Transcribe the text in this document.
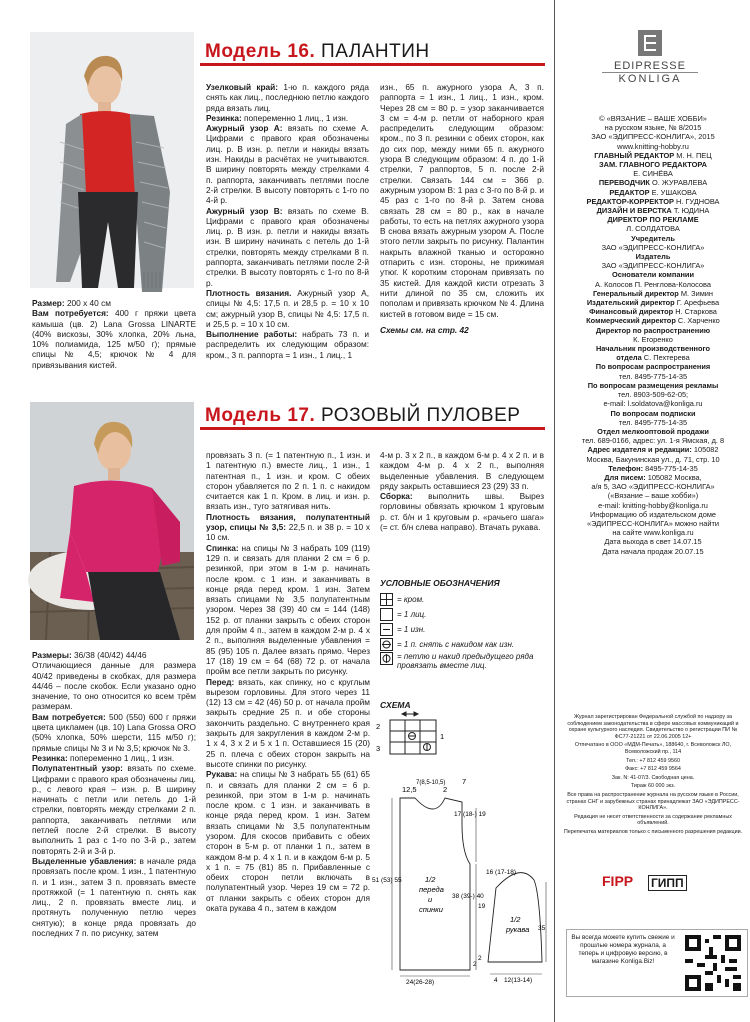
Модель 16. ПАЛАНТИН

Размер: 200 х 40 см

Вам потребуется: 400 г пряжи цвета камыша (цв. 2) Lana Grossa LINARTE (40% вискозы, 30% хлопка, 20% льна, 10% полиамида, 125 м/50 г); прямые спицы № 4,5; крючок № 4 для привязывания кистей.

Узелковый край: 1-ю п. каждого ряда снять как лиц., последнюю петлю каждого ряда вязать лиц.

Резинка: попеременно 1 лиц., 1 изн.

Ажурный узор А: вязать по схеме А. Цифрами с правого края обозначены лиц. р. В изн. р. петли и накиды вязать изн. Накиды в расчётах не учитываются. В ширину повторять между стрелками 4 п. раппорта, заканчивать петлями после 2-й стрелки. В высоту повторять с 1-го по 4-й р.

Ажурный узор В: вязать по схеме В. Цифрами с правого края обозначены лиц. р. В изн. р. петли и накиды вязать изн. В ширину начинать с петель до 1-й стрелки, повторять между стрелками 8 п. раппорта, заканчивать петлями после 2-й стрелки. В высоту повторять с 1-го по 8-й р.

Плотность вязания. Ажурный узор А, спицы № 4,5: 17,5 п. и 28,5 р. = 10 х 10 см; ажурный узор В, спицы № 4,5: 17,5 п. и 25,5 р. = 10 х 10 см.

Выполнение работы: набрать 73 п. и распределить их следующим образом: кром., 3 п. раппорта = 1 изн., 1 лиц., 1

изн., 65 п. ажурного узора А, 3 п. раппорта = 1 изн., 1 лиц., 1 изн., кром. Через 28 см = 80 р. = узор заканчивается 3 см = 4-м р. петли от наборного края распределить следующим образом: кром., по 3 п. резинки с обеих сторон, как до сих пор, между ними 65 п. ажурного узора В следующим образом: 4 п. до 1-й стрелки, 7 раппортов, 5 п. после 2-й стрелки. Связать 144 см = 366 р. ажурным узором В: 1 раз с 3-го по 8-й р. и 45 раз с 1-го по 8-й р. Затем снова связать 28 см = 80 р., как в начале работы, то есть на петлях ажурного узора В снова вязать ажурным узором А. После этого петли закрыть по рисунку. Палантин накрыть влажной тканью и осторожно отпарить с изн. стороны, не прижимая утюг. К коротким сторонам привязать по 35 кистей. Для каждой кисти отрезать 3 нити длиной по 35 см, сложить их пополам и привязать крючком № 4. Длина кистей в готовом виде = 15 см.

Схемы см. на стр. 42

Модель 17. РОЗОВЫЙ ПУЛОВЕР

Размеры: 36/38 (40/42) 44/46

Отличающиеся данные для размера 40/42 приведены в скобках, для размера 44/46 – после скобок. Если указано одно значение, то оно относится ко всем трём размерам.

Вам потребуется: 500 (550) 600 г пряжи цвета цикламен (цв. 10) Lana Grossa ORO (50% хлопка, 50% шерсти, 115 м/50 г); прямые спицы № 3 и № 3,5; крючок № 3.

Резинка: попеременно 1 лиц., 1 изн.

Полупатентный узор: вязать по схеме. Цифрами с правого края обозначены лиц. р., с левого края – изн. р. В ширину начинать с петли или петель до 1-й стрелки, повторять между стрелками 2 п. раппорта, заканчивать петлями или петлей после 2-й стрелки. В высоту выполнить 1 раз с 1-го по 3-й р., затем повторять 2-й и 3-й р.

Выделенные убавления: в начале ряда провязать после кром. 1 изн., 1 патентную п. и 1 изн., затем 3 п. провязать вместе протяжкой (= 1 патентную п. снять как лиц., 2 п. провязать вместе лиц. и протянуть полученную петлю через снятую); в конце ряда провязать до последних 7 п. по рисунку, затем

провязать 3 п. (= 1 патентную п., 1 изн. и 1 патентную п.) вместе лиц., 1 изн., 1 патентная п., 1 изн. и кром. С обеих сторон убавляется по 2 п. 1 п. с накидом считается как 1 п. Кром. в лиц. и изн. р. вязать изн., туго затягивая нить.

Плотность вязания, полупатентный узор, спицы № 3,5: 22,5 п. и 38 р. = 10 х 10 см.

Спинка: на спицы № 3 набрать 109 (119) 129 п. и связать для планки 2 см = 6 р. резинкой, при этом в 1-м р. начинать после кром. с 1 изн. и заканчивать в конце ряда перед кром. 1 изн. Затем вязать спицами № 3,5 полупатентным узором. Через 38 (39) 40 см = 144 (148) 152 р. от планки закрыть с обеих сторон для пройм 4 п., затем в каждом 2-м р. 4 х 2 п., выполняя выделенные убавления = 85 (95) 105 п. Далее вязать прямо. Через 17 (18) 19 см = 64 (68) 72 р. от начала пройм все петли закрыть по рисунку.

Перед: вязать, как спинку, но с круглым вырезом горловины. Для этого через 11 (12) 13 см = 42 (46) 50 р. от начала пройм закрыть средние 25 п. и обе стороны закончить раздельно. С внутреннего края закрыть для закругления в каждом 2-м р. 1 х 4, 3 х 2 и 5 х 1 п. Оставшиеся 15 (20) 25 п. плеча с обеих сторон закрыть на высоте спинки по рисунку.

Рукава: на спицы № 3 набрать 55 (61) 65 п. и связать для планки 2 см = 6 р. резинкой, при этом в 1-м р. начинать после кром. с 1 изн. и заканчивать в конце ряда перед кром. 1 изн. Затем вязать спицами № 3,5 полупатентным узором. Для скосов прибавить с обеих сторон в 5-м р. от планки 1 п., затем в каждом 8-м р. 4 х 1 п. и в каждом 6-м р. 5 х 1 п. = 75 (81) 85 п. Прибавленные с обеих сторон петли включать в полупатентный узор. Через 19 см = 72 р. от планки закрыть с обеих сторон для оката рукава 4 п., затем в каждом

4-м р. 3 х 2 п., в каждом 6-м р. 4 х 2 п. и в каждом 4-м р. 4 х 2 п., выполняя выделенные убавления. В следующем ряду закрыть оставшиеся 23 (29) 33 п.

Сборка: выполнить швы. Вырез горловины обвязать крючком 1 круговым р. ст. б/н и 1 круговым р. «рачьего шага» (= ст. б/н слева направо). Втачать рукава.

УСЛОВНЫЕ ОБОЗНАЧЕНИЯ
= кром.
= 1 лиц.
= 1 изн.
= 1 п. снять с накидом как изн.
= петлю и накид предыдущего ряда провязать вместе лиц.
СХЕМА
2
1
3
12,5
7(8,5-10,5)
2
7
17 (18-) 19
51 (53) 55
38 (39-) 40
24(26-28)
2
16 (17-18)
19
35
4 12(13-14)
2
1/2
переда
и
спинки
1/2
рукава
EDIPRESSE
KONLIGA

© «ВЯЗАНИЕ – ВАШЕ ХОББИ»

на русском языке, № 8/2015

ЗАО «ЭДИПРЕСС-КОНЛИГА», 2015

www.knitting-hobby.ru

ГЛАВНЫЙ РЕДАКТОР М. Н. ПЕЦ

ЗАМ. ГЛАВНОГО РЕДАКТОРА

Е. СИНЁВА

ПЕРЕВОДЧИК О. ЖУРАВЛЕВА

РЕДАКТОР Е. УШАКОВА

РЕДАКТОР-КОРРЕКТОР Н. ГУДНОВА

ДИЗАЙН И ВЕРСТКА Т. ЮДИНА

ДИРЕКТОР ПО РЕКЛАМЕ

Л. СОЛДАТОВА

Учредитель

ЗАО «ЭДИПРЕСС-КОНЛИГА»

Издатель

ЗАО «ЭДИПРЕСС-КОНЛИГА»

Основатели компании

А. Колосов П. Ренглова-Колосова

Генеральный директор М. Зимин

Издательский директор Г. Арефьева

Финансовый директор Н. Старкова

Коммерческий директор С. Харченко

Директор по распространению

К. Егоренко

Начальник производственного

отдела С. Пехтерева

По вопросам распространения

тел. 8495-775-14-35

По вопросам размещения рекламы

тел. 8903-509-62-05;

e-mail: l.soldatova@konliga.ru

По вопросам подписки

тел. 8495-775-14-35

Отдел мелкооптовой продажи

тел. 689-0166, адрес: ул. 1-я Ямская, д. 8

Адрес издателя и редакции: 105082

Москва, Бакунинская ул., д. 71, стр. 10

Телефон: 8495-775-14-35

Для писем: 105082 Москва,

а/я 5, ЗАО «ЭДИПРЕСС-КОНЛИГА»

(«Вязание – ваше хобби»)

e-mail: knitting-hobby@konliga.ru

Информацию об издательском доме

«ЭДИПРЕСС-КОНЛИГА» можно найти

на сайте www.konliga.ru

Дата выхода в свет 14.07.15

Дата начала продаж 20.07.15

Журнал зарегистрирован Федеральной службой по надзору за соблюдением законодательства в сфере массовых коммуникаций и охране культурного наследия. Свидетельство о регистрации ПИ № ФС77-21221 от 22.06.2005 12+

Отпечатано в ООО «МДМ-Печать», 188640, г. Всеволожск ЛО, Всеволожский пр., 114

Тел.: +7 812 459 9560

Факс: +7 812 459 9564

Зак. N: 41-07/3. Свободная цена.

Тираж 60 000 экз.

Все права на распространение журнала на русском языке в России, странах СНГ и зарубежных странах принадлежат ЗАО «ЭДИПРЕСС-КОНЛИГА».

Редакция не несет ответственности за содержание рекламных объявлений.

Перепечатка материалов только с письменного разрешения редакции.

FIPP ГИПП
Вы всегда можете купить свежие и прошлые номера журнала, а теперь и цифровую версию, в магазине Konliga.Biz!
